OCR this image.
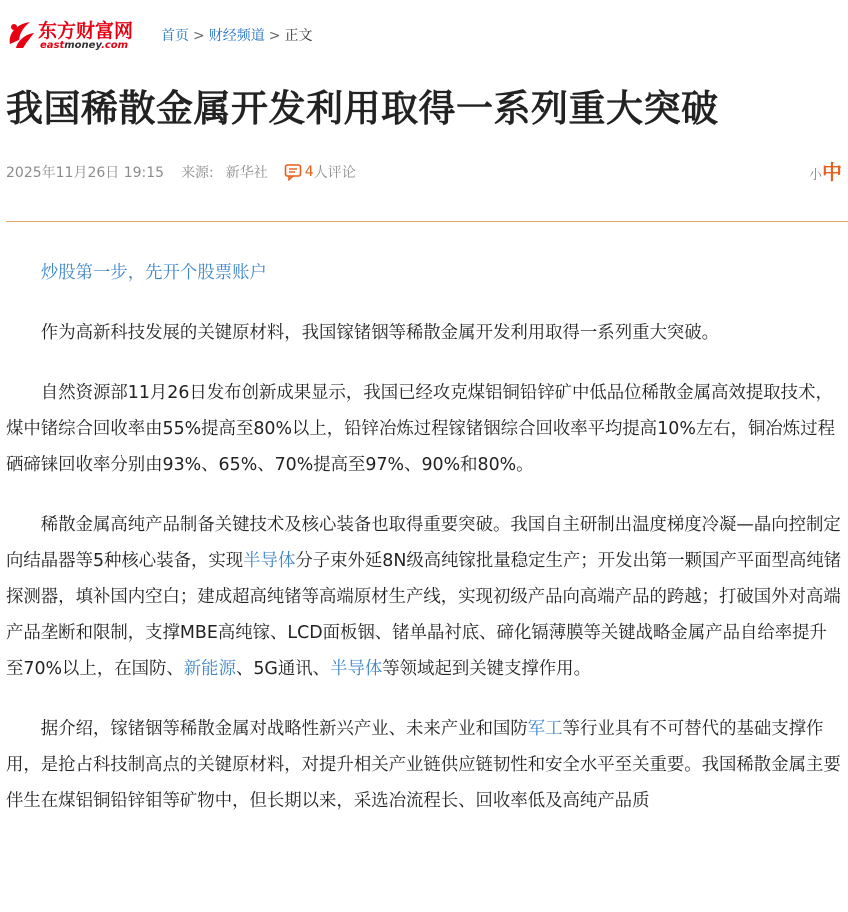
东方财富网
eastmoney.com
首页 > 财经频道 > 正文
我国稀散金属开发利用取得一系列重大突破
2025年11月26日 19:15 来源: 新华社	4 人评论	小中

炒股第一步，先开个股票账户

作为高新科技发展的关键原材料，我国镓锗铟等稀散金属开发利用取得一系列重大突破。

自然资源部11月26日发布创新成果显示，我国已经攻克煤铝铜铅锌矿中低品位稀散金属高效提取技术，煤中锗综合回收率由55%提高至80%以上，铅锌冶炼过程镓锗铟综合回收率平均提高10%左右，铜冶炼过程硒碲铼回收率分别由93%、65%、70%提高至97%、90%和80%。

稀散金属高纯产品制备关键技术及核心装备也取得重要突破。我国自主研制出温度梯度冷凝—晶向控制定向结晶器等5种核心装备，实现半导体分子束外延8N级高纯镓批量稳定生产；开发出第一颗国产平面型高纯锗探测器，填补国内空白；建成超高纯锗等高端原材生产线，实现初级产品向高端产品的跨越；打破国外对高端产品垄断和限制，支撑MBE高纯镓、LCD面板铟、锗单晶衬底、碲化镉薄膜等关键战略金属产品自给率提升至70%以上，在国防、新能源、5G通讯、半导体等领域起到关键支撑作用。

据介绍，镓锗铟等稀散金属对战略性新兴产业、未来产业和国防军工等行业具有不可替代的基础支撑作用，是抢占科技制高点的关键原材料，对提升相关产业链供应链韧性和安全水平至关重要。我国稀散金属主要伴生在煤铝铜铅锌钼等矿物中，但长期以来，采选冶流程长、回收率低及高纯产品质
